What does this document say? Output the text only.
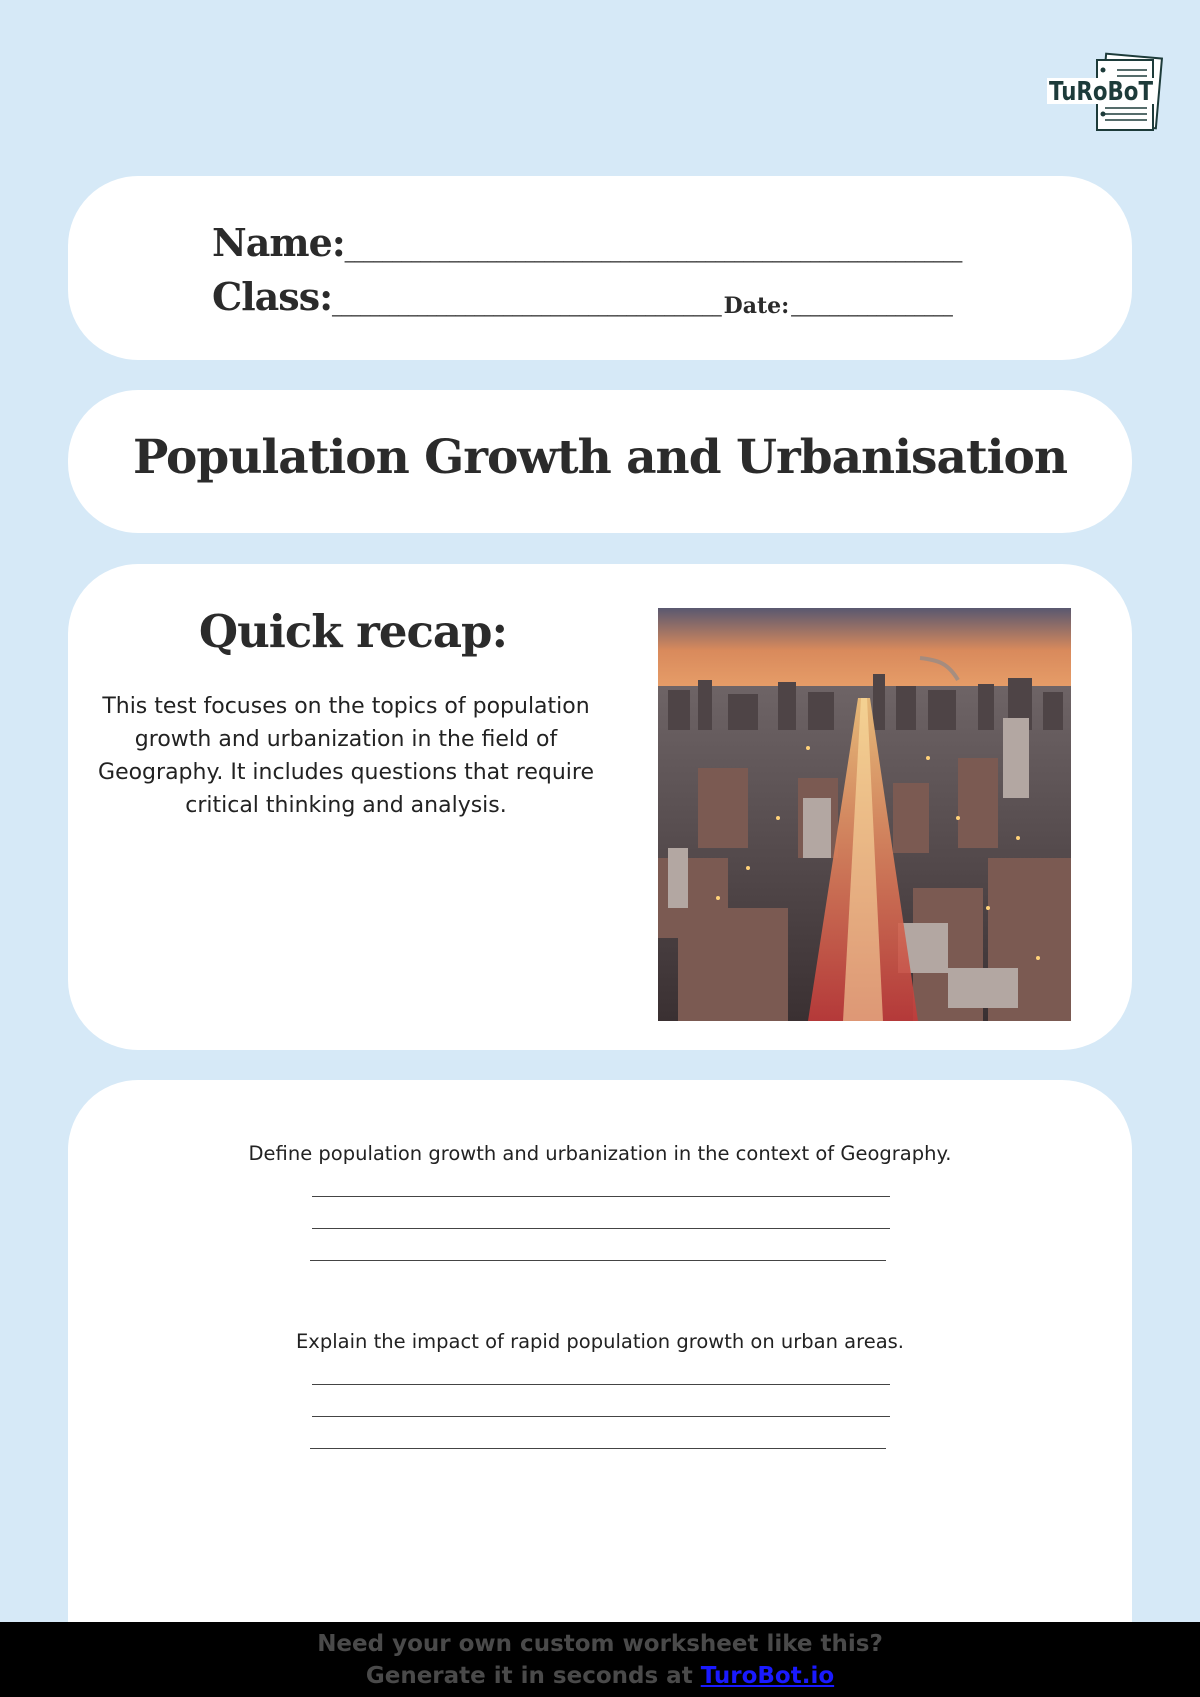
TuRoBoT
Name: _________________________________________________________________
Class: _________________________________________ Date: _________________
Population Growth and Urbanisation
Quick recap:

This test focuses on the topics of population growth and urbanization in the field of Geography. It includes questions that require critical thinking and analysis.

Define population growth and urbanization in the context of Geography.

Explain the impact of rapid population growth on urban areas.

Need your own custom worksheet like this?
Generate it in seconds at TuroBot.io
